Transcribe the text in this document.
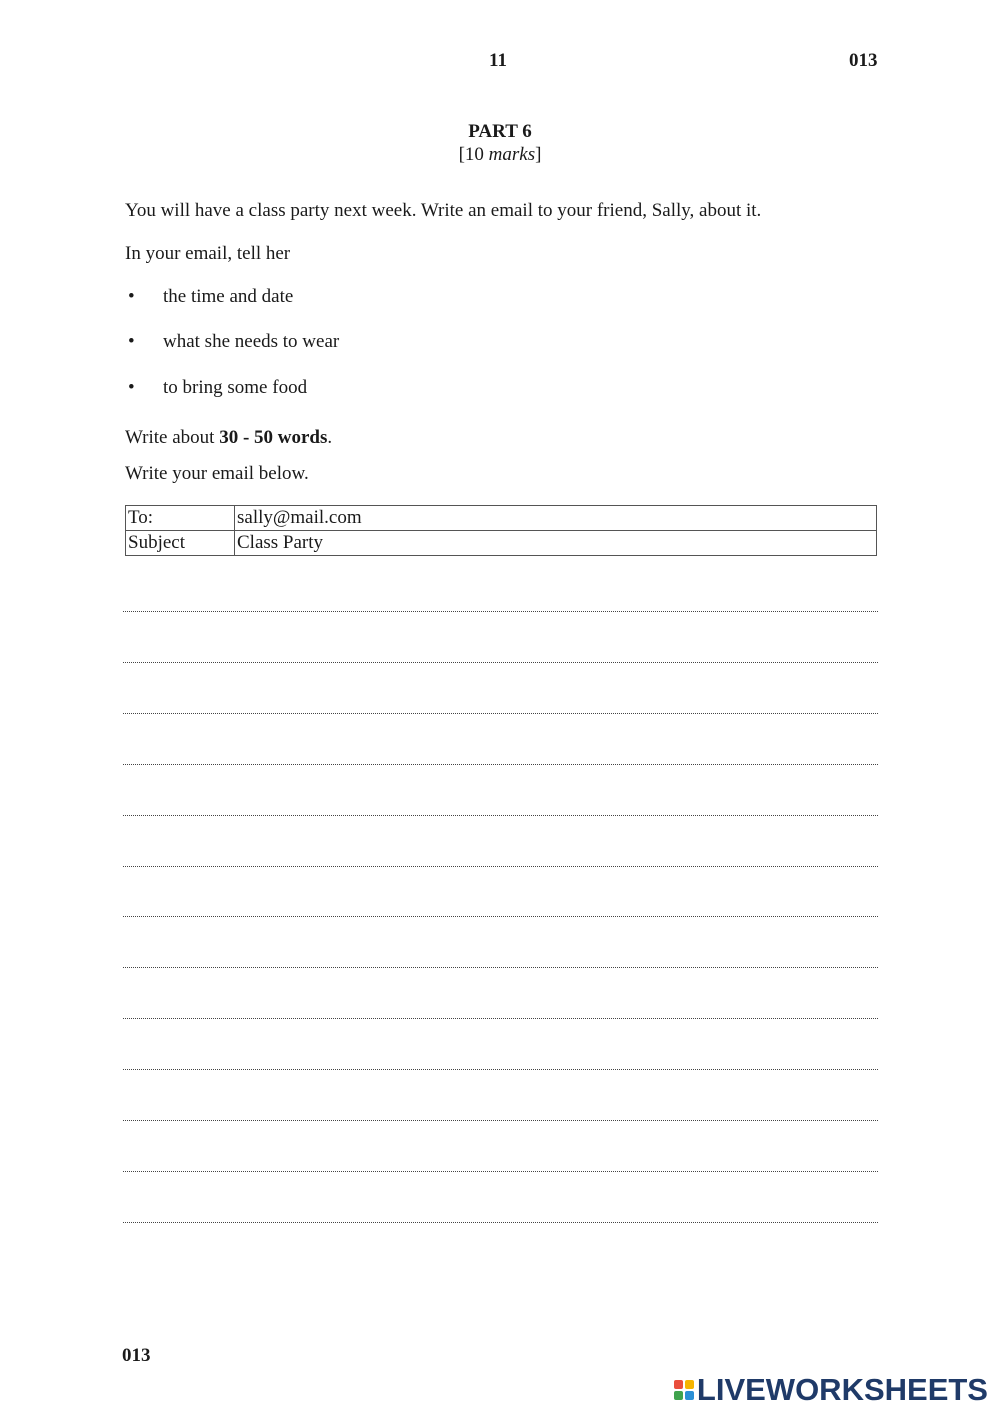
11	013
PART 6
[10 marks]
You will have a class party next week. Write an email to your friend, Sally, about it.
In your email, tell her
• the time and date
• what she needs to wear
• to bring some food
Write about 30 - 50 words.
Write your email below.
To:	sally@mail.com
Subject	Class Party
013
LIVEWORKSHEETS
